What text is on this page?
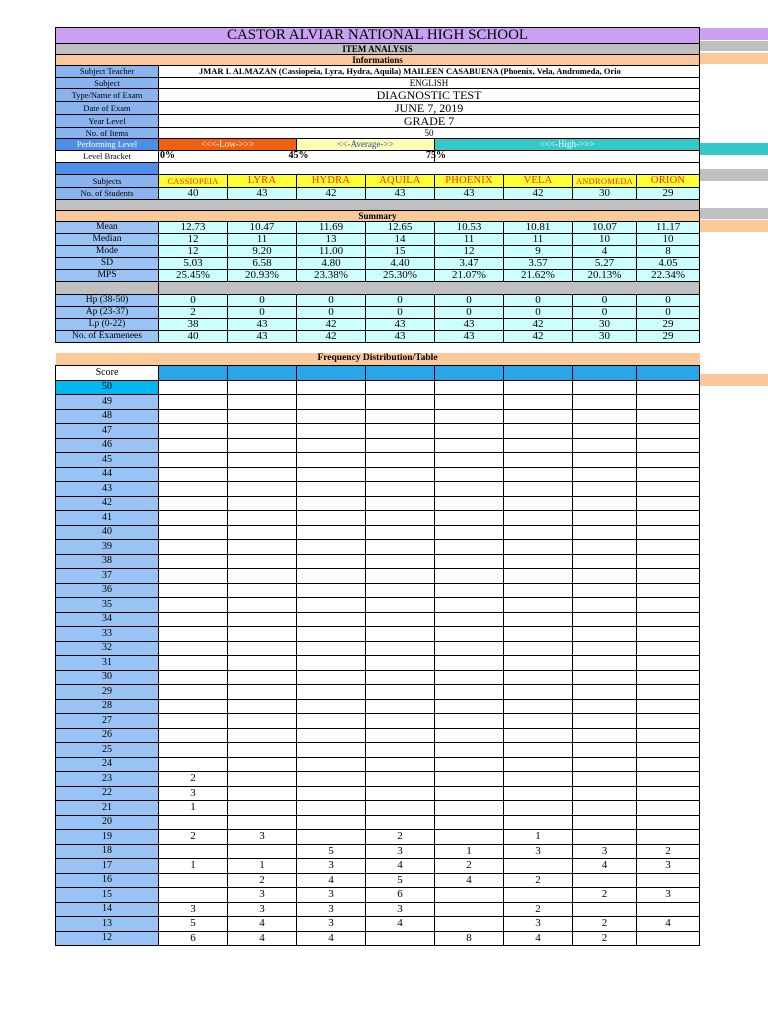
CASTOR ALVIAR NATIONAL HIGH SCHOOL								
ITEM ANALYSIS								
Informations								
Subject Teacher	JMAR I. ALMAZAN (Cassiopeia, Lyra, Hydra, Aquila) MAILEEN CASABUENA (Phoenix, Vela, Andromeda, Orio							
Subject	ENGLISH							
Type/Name of Exam	DIAGNOSTIC TEST							
Date of Exam	JUNE 7, 2019							
Year Level	GRADE 7							
No. of Items	50							
Performing Level	<<<-Low->>>		<<-Average->>		<<<-High->>>			
Level Bracket	0% 45%		75%					

Subjects	CASSIOPEIA	LYRA	HYDRA	AQUILA	PHOENIX	VELA	ANDROMEDA	ORION
No. of Students	40	43	42	43	43	42	30	29

Summary								
Mean	12.73	10.47	11.69	12.65	10.53	10.81	10.07	11.17
Median	12	11	13	14	11	11	10	10
Mode	12	9.20	11.00	15	12	9	4	8
SD	5.03	6.58	4.80	4.40	3.47	3.57	5.27	4.05
MPS	25.45%	20.93%	23.38%	25.30%	21.07%	21.62%	20.13%	22.34%

Hp (38-50)	0	0	0	0	0	0	0	0
Ap (23-37)	2	0	0	0	0	0	0	0
Lp (0-22)	38	43	42	43	43	42	30	29
No. of Examenees	40	43	42	43	43	42	30	29
Frequency Distribution/Table								
Score								
50								
49								
48								
47								
46								
45								
44								
43								
42								
41								
40								
39								
38								
37								
36								
35								
34								
33								
32								
31								
30								
29								
28								
27								
26								
25								
24								
23	2							
22	3							
21	1							
20								
19	2	3		2		1		
18			5	3	1	3	3	2
17	1	1	3	4	2		4	3
16		2	4	5	4	2		
15		3	3	6			2	3
14	3	3	3	3		2		
13	5	4	3	4		3	2	4
12	6	4	4		8	4	2	
